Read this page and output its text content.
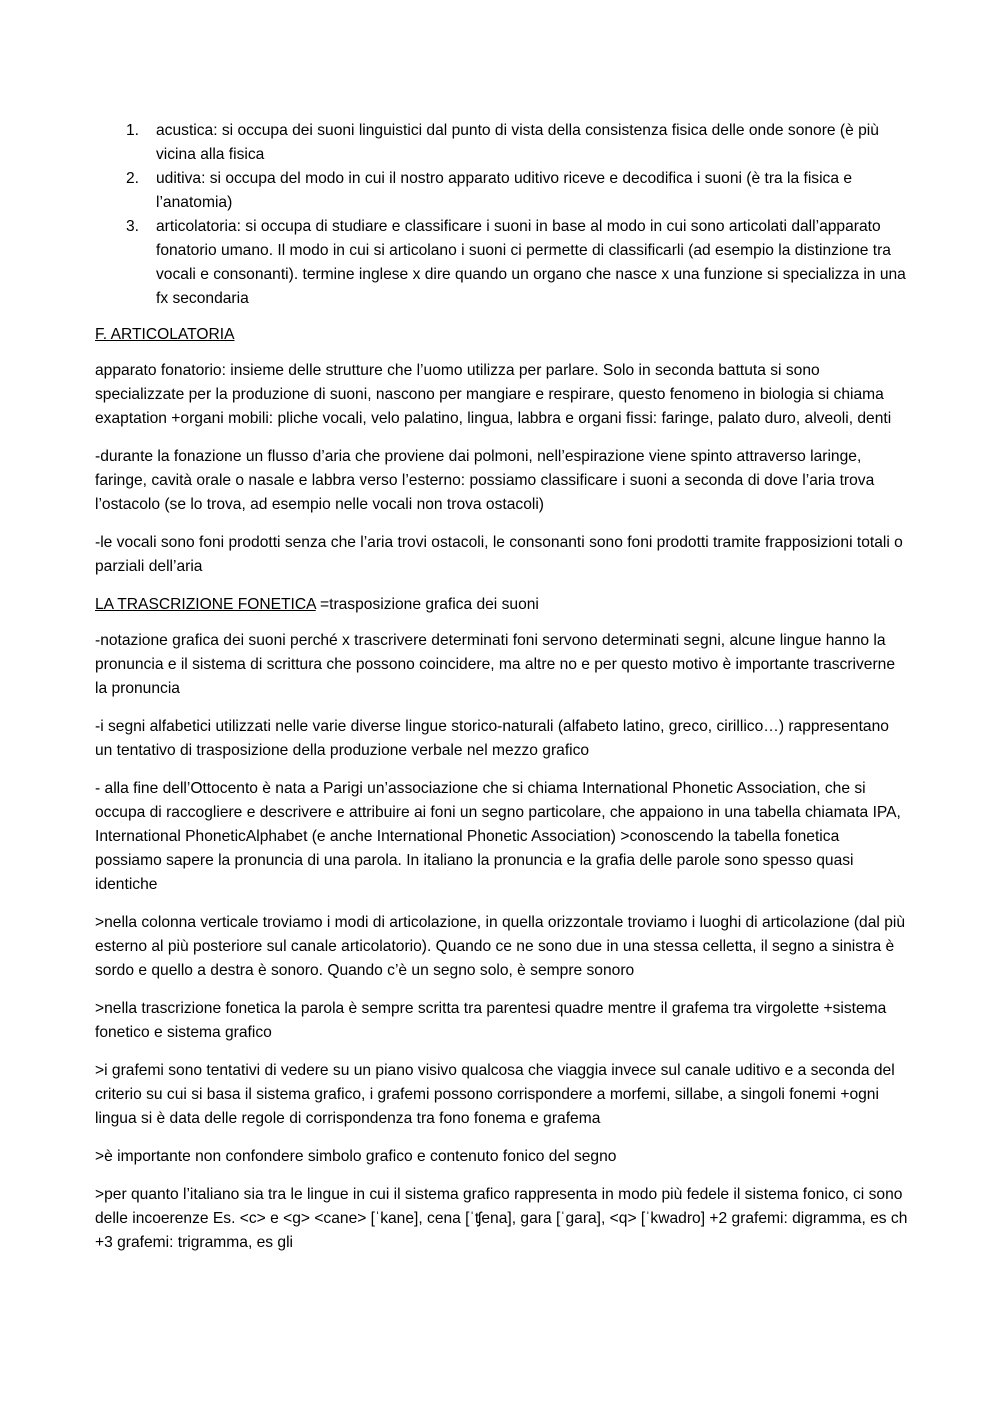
1. acustica: si occupa dei suoni linguistici dal punto di vista della consistenza fisica delle onde sonore (è più vicina alla fisica
2. uditiva: si occupa del modo in cui il nostro apparato uditivo riceve e decodifica i suoni (è tra la fisica e l’anatomia)
3. articolatoria: si occupa di studiare e classificare i suoni in base al modo in cui sono articolati dall’apparato fonatorio umano. Il modo in cui si articolano i suoni ci permette di classificarli (ad esempio la distinzione tra vocali e consonanti). termine inglese x dire quando un organo che nasce x una funzione si specializza in una fx secondaria

F. ARTICOLATORIA

apparato fonatorio: insieme delle strutture che l’uomo utilizza per parlare. Solo in seconda battuta si sono specializzate per la produzione di suoni, nascono per mangiare e respirare, questo fenomeno in biologia si chiama exaptation +organi mobili: pliche vocali, velo palatino, lingua, labbra e organi fissi: faringe, palato duro, alveoli, denti

-durante la fonazione un flusso d’aria che proviene dai polmoni, nell’espirazione viene spinto attraverso laringe, faringe, cavità orale o nasale e labbra verso l’esterno: possiamo classificare i suoni a seconda di dove l’aria trova l’ostacolo (se lo trova, ad esempio nelle vocali non trova ostacoli)

-le vocali sono foni prodotti senza che l’aria trovi ostacoli, le consonanti sono foni prodotti tramite frapposizioni totali o parziali dell’aria

LA TRASCRIZIONE FONETICA =trasposizione grafica dei suoni

-notazione grafica dei suoni perché x trascrivere determinati foni servono determinati segni, alcune lingue hanno la pronuncia e il sistema di scrittura che possono coincidere, ma altre no e per questo motivo è importante trascriverne la pronuncia

-i segni alfabetici utilizzati nelle varie diverse lingue storico-naturali (alfabeto latino, greco, cirillico…) rappresentano un tentativo di trasposizione della produzione verbale nel mezzo grafico

- alla fine dell’Ottocento è nata a Parigi un’associazione che si chiama International Phonetic Association, che si occupa di raccogliere e descrivere e attribuire ai foni un segno particolare, che appaiono in una tabella chiamata IPA, International PhoneticAlphabet (e anche International Phonetic Association) >conoscendo la tabella fonetica possiamo sapere la pronuncia di una parola. In italiano la pronuncia e la grafia delle parole sono spesso quasi identiche

>nella colonna verticale troviamo i modi di articolazione, in quella orizzontale troviamo i luoghi di articolazione (dal più esterno al più posteriore sul canale articolatorio). Quando ce ne sono due in una stessa celletta, il segno a sinistra è sordo e quello a destra è sonoro. Quando c’è un segno solo, è sempre sonoro

>nella trascrizione fonetica la parola è sempre scritta tra parentesi quadre mentre il grafema tra virgolette +sistema fonetico e sistema grafico

>i grafemi sono tentativi di vedere su un piano visivo qualcosa che viaggia invece sul canale uditivo e a seconda del criterio su cui si basa il sistema grafico, i grafemi possono corrispondere a morfemi, sillabe, a singoli fonemi +ogni lingua si è data delle regole di corrispondenza tra fono fonema e grafema

>è importante non confondere simbolo grafico e contenuto fonico del segno

>per quanto l’italiano sia tra le lingue in cui il sistema grafico rappresenta in modo più fedele il sistema fonico, ci sono delle incoerenze Es. <c> e <g> <cane> [ˈkane], cena [ˈʧena], gara [ˈgara], <q> [ˈkwadro] +2 grafemi: digramma, es ch +3 grafemi: trigramma, es gli
